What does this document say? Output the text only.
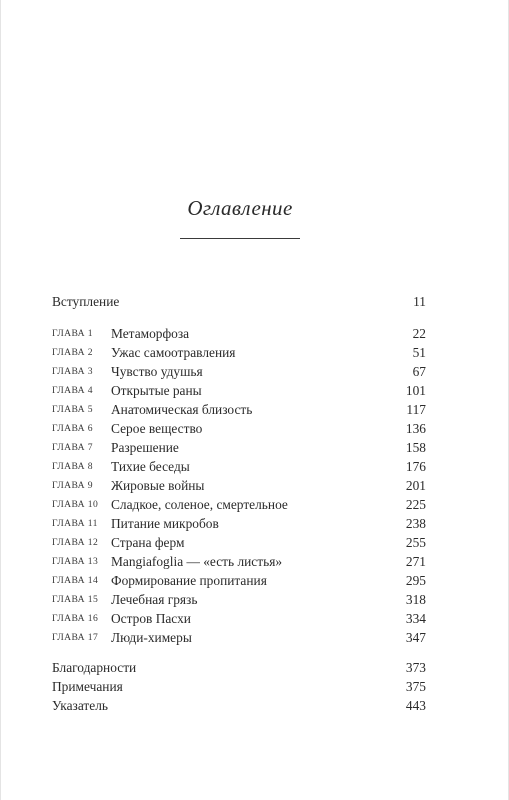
Оглавление
Вступление	11
ГЛАВА 1 Метаморфоза	22
ГЛАВА 2 Ужас самоотравления	51
ГЛАВА 3 Чувство удушья	67
ГЛАВА 4 Открытые раны	101
ГЛАВА 5 Анатомическая близость	117
ГЛАВА 6 Серое вещество	136
ГЛАВА 7 Разрешение	158
ГЛАВА 8 Тихие беседы	176
ГЛАВА 9 Жировые войны	201
ГЛАВА 10 Сладкое, соленое, смертельное	225
ГЛАВА 11 Питание микробов	238
ГЛАВА 12 Страна ферм	255
ГЛАВА 13 Mangiafoglia — «есть листья»	271
ГЛАВА 14 Формирование пропитания	295
ГЛАВА 15 Лечебная грязь	318
ГЛАВА 16 Остров Пасхи	334
ГЛАВА 17 Люди-химеры	347
Благодарности	373
Примечания	375
Указатель	443
